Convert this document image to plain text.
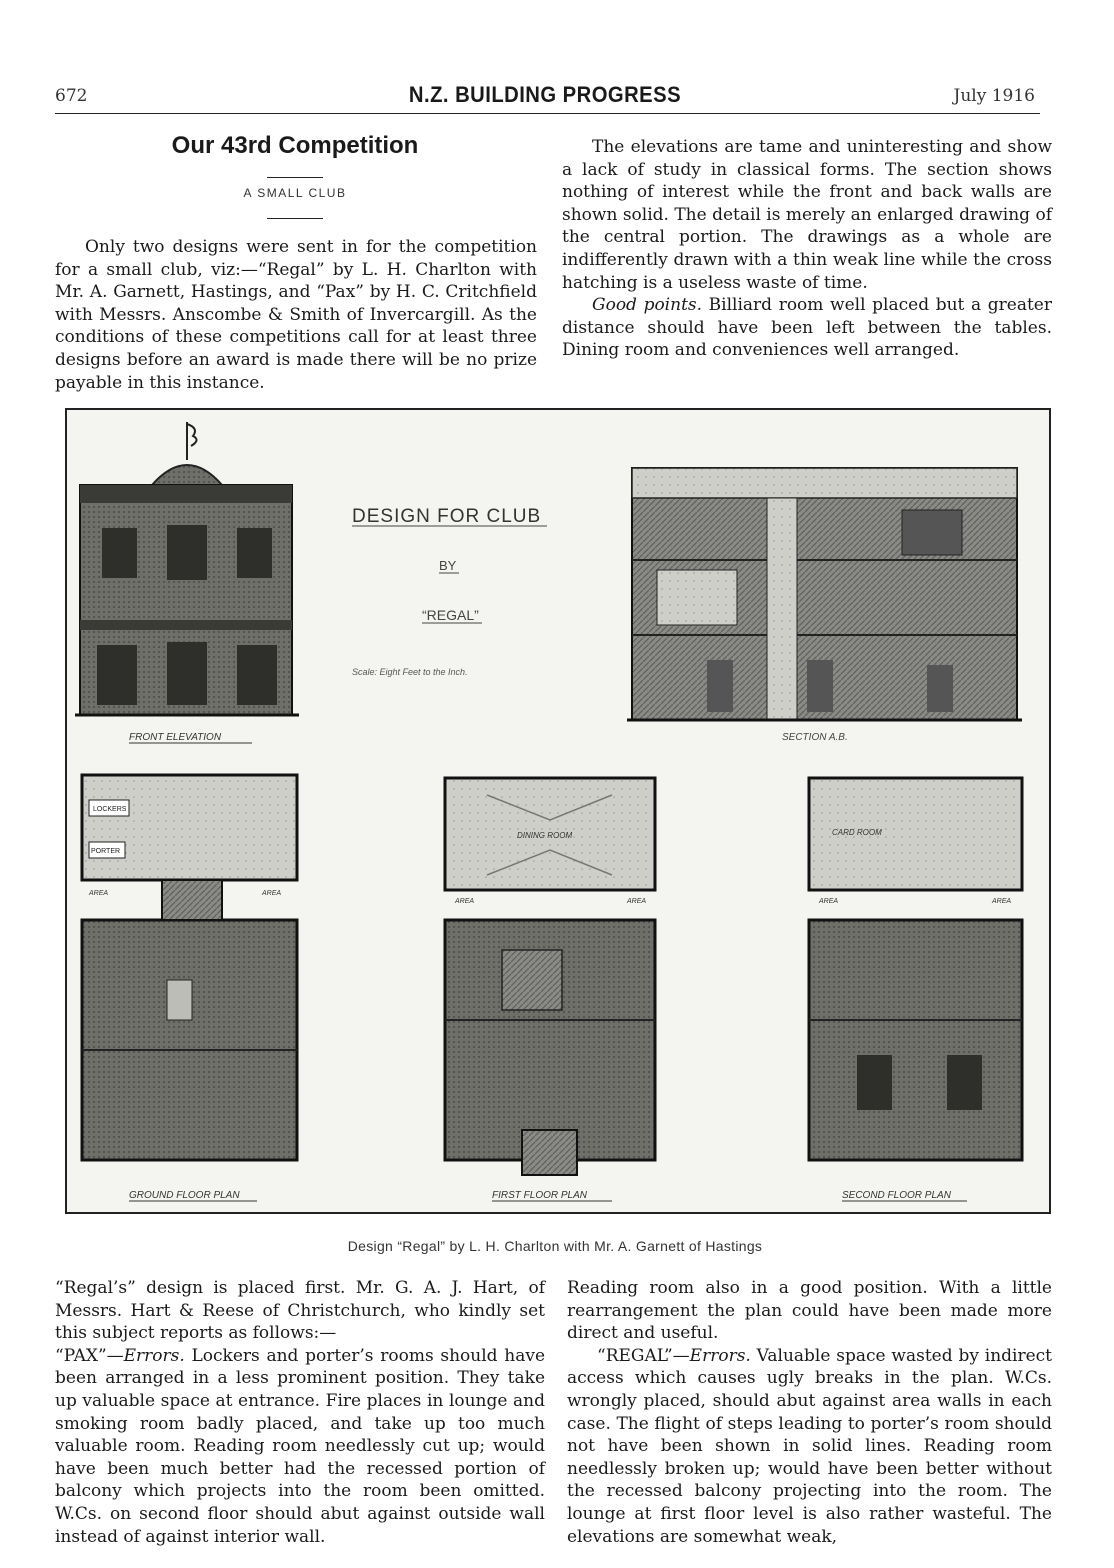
672	N.Z. BUILDING PROGRESS	July 1916
Our 43rd Competition
A SMALL CLUB

Only two designs were sent in for the competition for a small club, viz:—“Regal” by L. H. Charlton with Mr. A. Garnett, Hastings, and “Pax” by H. C. Critchfield with Messrs. Anscombe & Smith of Invercargill. As the conditions of these competitions call for at least three designs before an award is made there will be no prize payable in this instance.

The elevations are tame and uninteresting and show a lack of study in classical forms. The section shows nothing of interest while the front and back walls are shown solid. The detail is merely an enlarged drawing of the central portion. The drawings as a whole are indifferently drawn with a thin weak line while the cross hatching is a useless waste of time.

Good points. Billiard room well placed but a greater distance should have been left between the tables. Dining room and conveniences well arranged.

FRONT ELEVATION
DESIGN FOR CLUB
BY
“REGAL”
Scale: Eight Feet to the Inch.
SECTION A.B.
LOCKERS
PORTER
AREA	AREA
GROUND FLOOR PLAN
DINING ROOM
AREA	AREA
FIRST FLOOR PLAN
CARD ROOM
AREA	AREA
SECOND FLOOR PLAN
Design “Regal” by L. H. Charlton with Mr. A. Garnett of Hastings

“Regal’s” design is placed first. Mr. G. A. J. Hart, of Messrs. Hart & Reese of Christchurch, who kindly set this subject reports as follows:—

“PAX”—Errors. Lockers and porter’s rooms should have been arranged in a less prominent position. They take up valuable space at entrance. Fire places in lounge and smoking room badly placed, and take up too much valuable room. Reading room needlessly cut up; would have been much better had the recessed portion of balcony which projects into the room been omitted. W.Cs. on second floor should abut against outside wall instead of against interior wall.

Reading room also in a good position. With a little rearrangement the plan could have been made more direct and useful.

“REGAL”—Errors. Valuable space wasted by indirect access which causes ugly breaks in the plan. W.Cs. wrongly placed, should abut against area walls in each case. The flight of steps leading to porter’s room should not have been shown in solid lines. Reading room needlessly broken up; would have been better without the recessed balcony projecting into the room. The lounge at first floor level is also rather wasteful. The elevations are somewhat weak,
